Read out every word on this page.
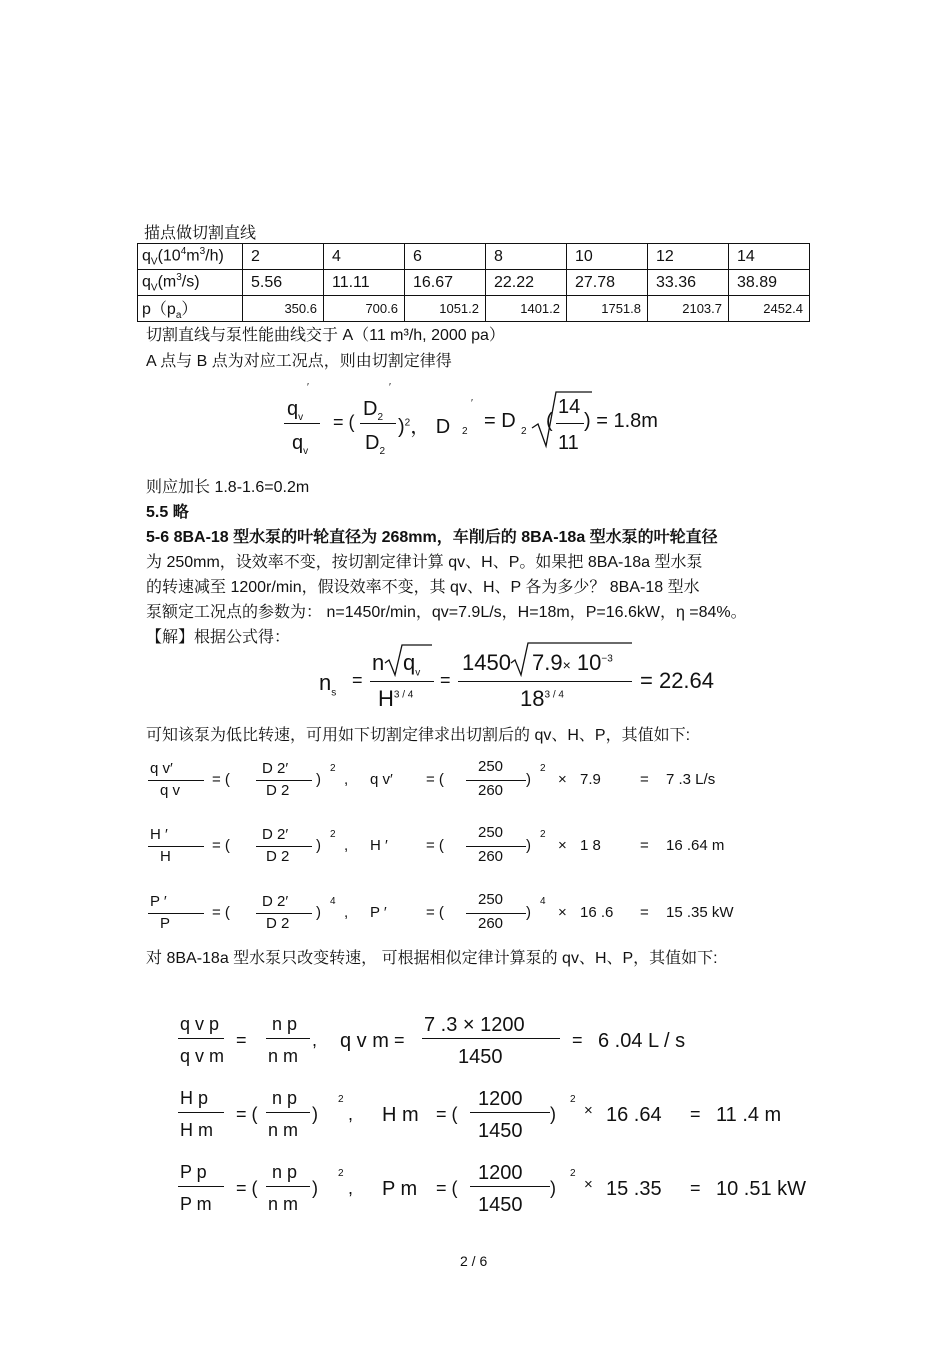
描点做切割直线
$q_V(10^4m^3/h)$	2	4	6	8	10	12	14
$q_V(m^3/s)$	5.56	11.11	16.67	22.22	27.78	33.36	38.89
$p(p_a)$	350.6	700.6	1051.2	1401.2	1751.8	2103.7	2452.4
切割直线与泵性能曲线交于 A（11 m³/h, 2000 pa）
A 点与 B 点为对应工况点，则由切割定律得
$q_v$
′
$q_v$
= (
$D_2$
′
$D_2$
)$^2$， D 2
′
= D 2 (
14
11
) = 1.8m
则应加长 1.8-1.6=0.2m
5.5 略
5-6 8BA-18 型水泵的叶轮直径为 268mm，车削后的 8BA-18a 型水泵的叶轮直径
为 250mm，设效率不变，按切割定律计算 qv、H、P。如果把 8BA-18a 型水泵
的转速减至 1200r/min，假设效率不变，其 qv、H、P 各为多少？ 8BA-18 型水
泵额定工况点的参数为： n=1450r/min，qv=7.9L/s，H=18m，P=16.6kW，η =84%。
【解】根据公式得：
$n_s$
=
n $q_v$
$H^{3 / 4}$
=
1450 $7.9\times 10^{-3}$
$18^{3 / 4}$
= 22.64
可知该泵为低比转速，可用如下切割定律求出切割后的 qv、H、P，其值如下:
q v′
q v
= (
D 2′
D 2
)
2
, q v′ = (
250
260
)
2
× 7.9	= 7 .3 L/s
H ′
H
= (
D 2′
D 2
)
2
, H ′	= (
250
260
)
2
× 1 8	= 16 .64 m
P ′
P
= (
D 2′
D 2
)
4
, P ′	= (
250
260
)
4
× 16 .6 = 15 .35 kW
对 8BA-18a 型水泵只改变转速， 可根据相似定律计算泵的 qv、H、P，其值如下:
q v p
q v m
=
n p
n m
, q v m =
7 .3 × 1200
1450
= 6 .04 L / s
H p
H m
= (
n p
n m
)
2
, H m = (
1200
1450
)
2
× 16 .64 = 11 .4 m
P p
P m
= (
n p
n m
)
2
, P m = (
1200
1450
)
2
× 15 .35 = 10 .51 kW
2 / 6
